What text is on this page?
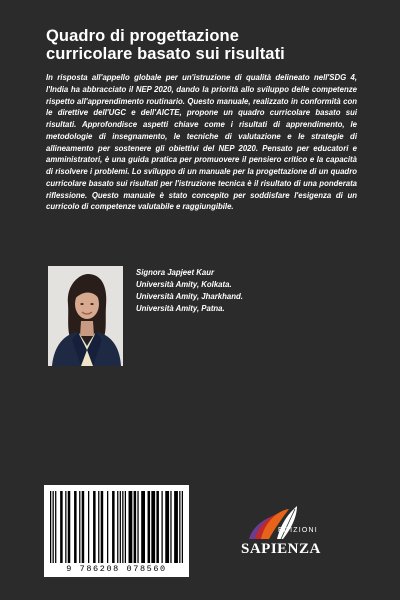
Quadro di progettazione
curricolare basato sui risultati

In risposta all'appello globale per un'istruzione di qualità delineato nell'SDG 4, l'India ha abbracciato il NEP 2020, dando la priorità allo sviluppo delle competenze rispetto all'apprendimento routinario. Questo manuale, realizzato in conformità con le direttive dell'UGC e dell'AICTE, propone un quadro curricolare basato sui risultati. Approfondisce aspetti chiave come i risultati di apprendimento, le metodologie di insegnamento, le tecniche di valutazione e le strategie di allineamento per sostenere gli obiettivi del NEP 2020. Pensato per educatori e amministratori, è una guida pratica per promuovere il pensiero critico e la capacità di risolvere i problemi. Lo sviluppo di un manuale per la progettazione di un quadro curricolare basato sui risultati per l'istruzione tecnica è il risultato di una ponderata riflessione. Questo manuale è stato concepito per soddisfare l'esigenza di un curricolo di competenze valutabile e raggiungibile.

Signora Japjeet Kaur
Università Amity, Kolkata.
Università Amity, Jharkhand.
Università Amity, Patna.
9 786208 078560
EDIZIONI
SAPIENZA
